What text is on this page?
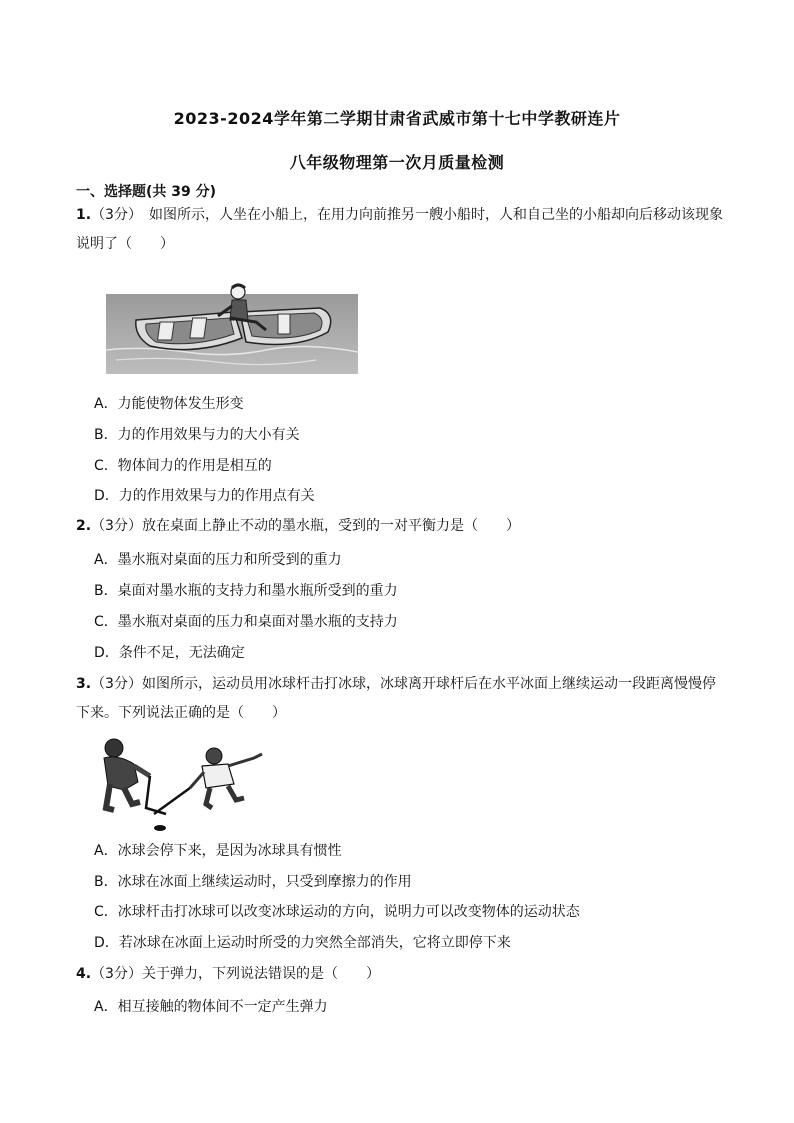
2023-2024学年第二学期甘肃省武威市第十七中学教研连片
八年级物理第一次月质量检测
一、选择题(共 39 分)
1.（3分）　如图所示，人坐在小船上，在用力向前推另一艘小船时，人和自己坐的小船却向后移动该现象说明了（　　）
A．力能使物体发生形变
B．力的作用效果与力的大小有关
C．物体间力的作用是相互的
D．力的作用效果与力的作用点有关
2.（3分）放在桌面上静止不动的墨水瓶，受到的一对平衡力是（　　）
A．墨水瓶对桌面的压力和所受到的重力
B．桌面对墨水瓶的支持力和墨水瓶所受到的重力
C．墨水瓶对桌面的压力和桌面对墨水瓶的支持力
D．条件不足，无法确定
3.（3分）如图所示，运动员用冰球杆击打冰球，冰球离开球杆后在水平冰面上继续运动一段距离慢慢停下来。下列说法正确的是（　　）
A．冰球会停下来，是因为冰球具有惯性
B．冰球在冰面上继续运动时，只受到摩擦力的作用
C．冰球杆击打冰球可以改变冰球运动的方向，说明力可以改变物体的运动状态
D．若冰球在冰面上运动时所受的力突然全部消失，它将立即停下来
4.（3分）关于弹力，下列说法错误的是（　　）
A．相互接触的物体间不一定产生弹力
